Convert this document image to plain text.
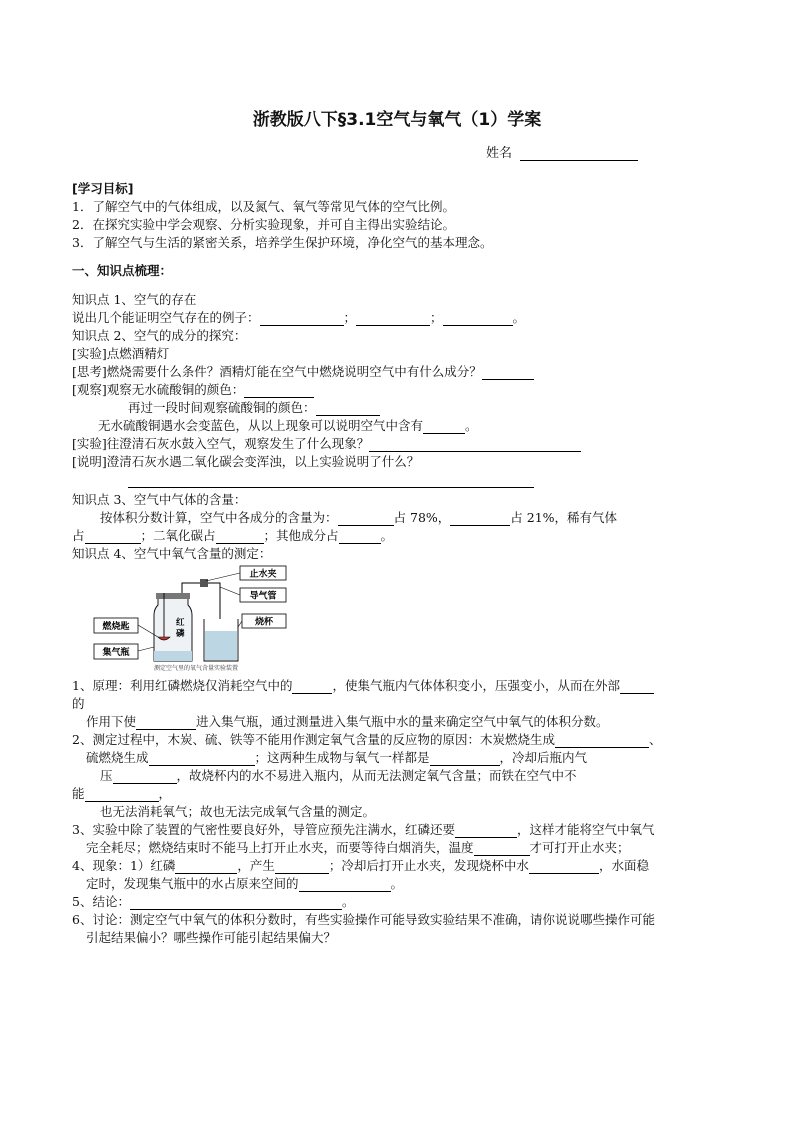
浙教版八下§3.1空气与氧气（1）学案
姓名
[学习目标]
1．了解空气中的气体组成，以及氮气、氧气等常见气体的空气比例。
2．在探究实验中学会观察、分析实验现象，并可自主得出实验结论。
3．了解空气与生活的紧密关系，培养学生保护环境，净化空气的基本理念。
一、知识点梳理：
知识点 1、空气的存在
说出几个能证明空气存在的例子：	；	；	。
知识点 2、空气的成分的探究：
[实验]点燃酒精灯
[思考]燃烧需要什么条件？酒精灯能在空气中燃烧说明空气中有什么成分？
[观察]观察无水硫酸铜的颜色：
再过一段时间观察硫酸铜的颜色：
无水硫酸铜遇水会变蓝色，从以上现象可以说明空气中含有	。
[实验]往澄清石灰水鼓入空气，观察发生了什么现象？
[说明]澄清石灰水遇二氧化碳会变浑浊，以上实验说明了什么？
知识点 3、空气中气体的含量：
按体积分数计算，空气中各成分的含量为：	占 78%，	占 21%，稀有气体
占	；二氧化碳占	；其他成分占	。
知识点 4、空气中氧气含量的测定：
止水夹
导气管
烧杯
燃烧匙
集气瓶
红
磷
测定空气里的氧气含量实验装置
1、原理：利用红磷燃烧仅消耗空气中的	，使集气瓶内气体体积变小，压强变小，从而在外部
的
作用下使	进入集气瓶，通过测量进入集气瓶中水的量来确定空气中氧气的体积分数。
2、测定过程中，木炭、硫、铁等不能用作测定氧气含量的反应物的原因：木炭燃烧生成	、
硫燃烧生成	；这两种生成物与氧气一样都是	，冷却后瓶内气
压	，故烧杯内的水不易进入瓶内，从而无法测定氧气含量；而铁在空气中不
能	，
也无法消耗氧气；故也无法完成氧气含量的测定。
3、实验中除了装置的气密性要良好外，导管应预先注满水，红磷还要	，这样才能将空气中氧气
完全耗尽；燃烧结束时不能马上打开止水夹，而要等待白烟消失，温度	才可打开止水夹；
4、现象：1）红磷	，产生	；冷却后打开止水夹，发现烧杯中水	，水面稳
定时，发现集气瓶中的水占原来空间的	。
5、结论：	。
6、讨论：测定空气中氧气的体积分数时，有些实验操作可能导致实验结果不准确，请你说说哪些操作可能
引起结果偏小？哪些操作可能引起结果偏大？
